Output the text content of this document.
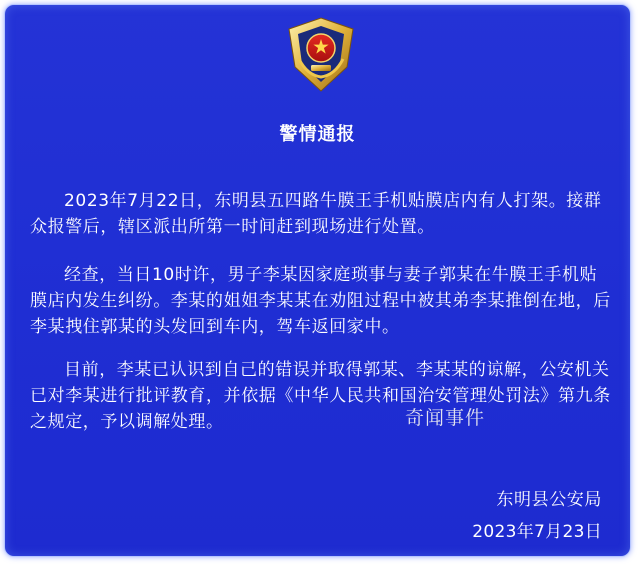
警情通报

2023年7月22日，东明县五四路牛膜王手机贴膜店内有人打架。接群众报警后，辖区派出所第一时间赶到现场进行处置。

经查，当日10时许，男子李某因家庭琐事与妻子郭某在牛膜王手机贴膜店内发生纠纷。李某的姐姐李某某在劝阻过程中被其弟李某推倒在地，后李某拽住郭某的头发回到车内，驾车返回家中。

目前，李某已认识到自己的错误并取得郭某、李某某的谅解，公安机关已对李某进行批评教育，并依据《中华人民共和国治安管理处罚法》第九条之规定，予以调解处理。	奇闻事件
东明县公安局
2023年7月23日
